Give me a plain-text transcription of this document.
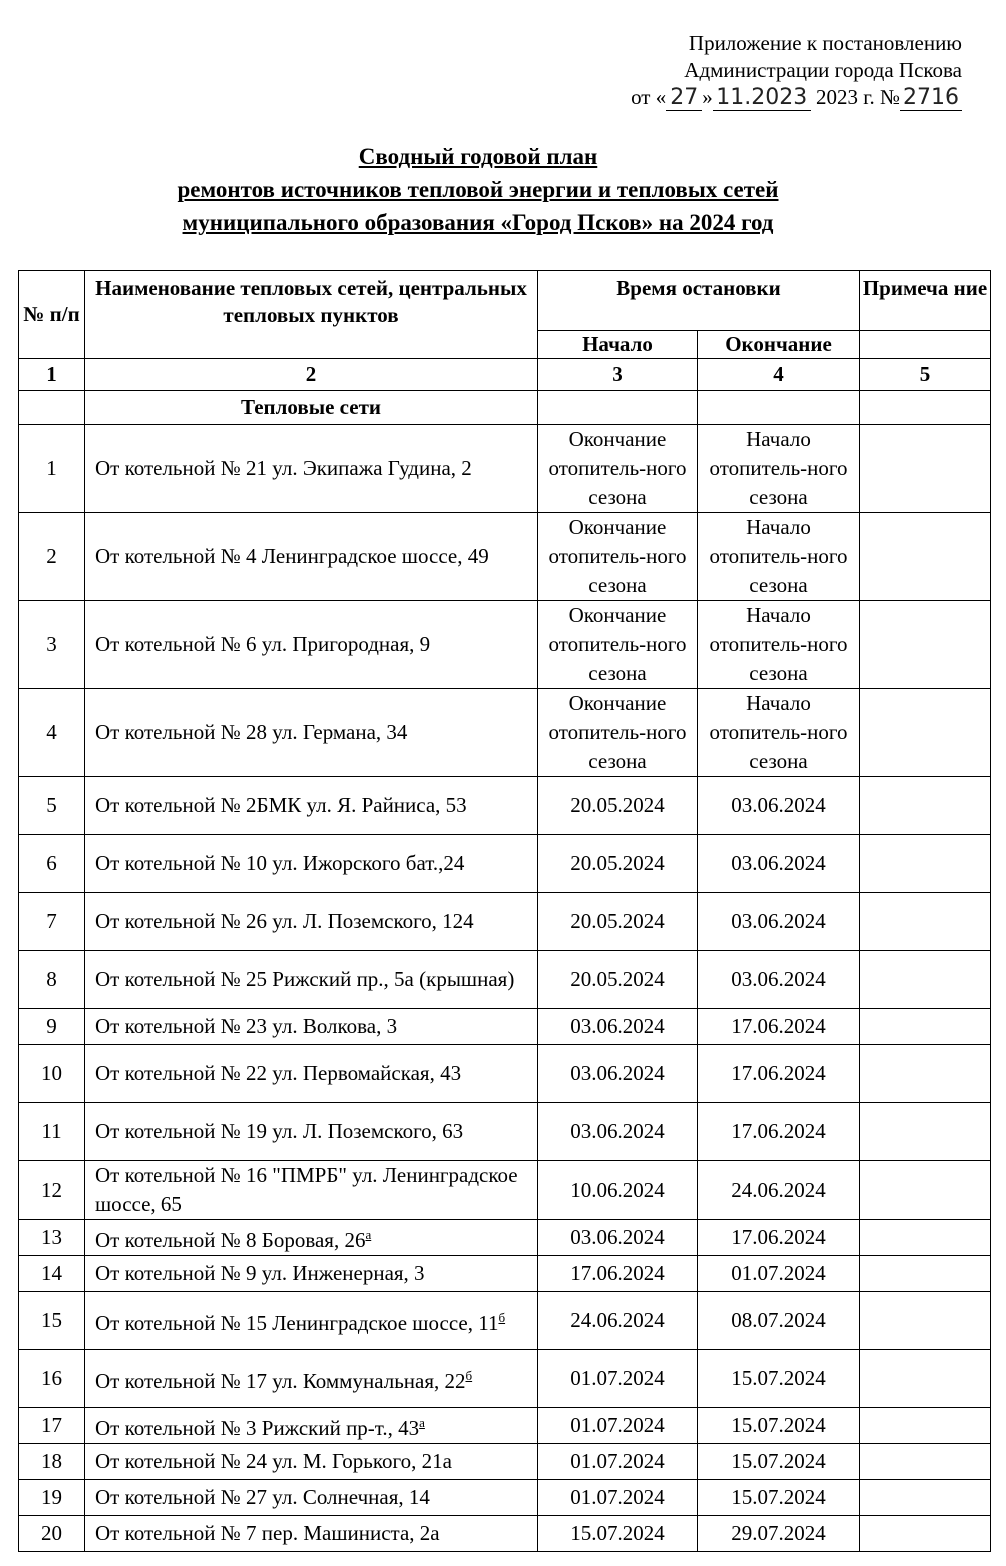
Приложение к постановлению
Администрации города Пскова
от « 27 » 11.2023 2023 г. № 2716
Сводный годовой план
ремонтов источников тепловой энергии и тепловых сетей
муниципального образования «Город Псков» на 2024 год
№ п/п	Наименование тепловых сетей, центральных тепловых пунктов	Время остановки		Примеча ние
		Начало	Окончание	
1	2	3	4	5
	Тепловые сети			
1	От котельной № 21 ул. Экипажа Гудина, 2	Окончание отопитель-ного сезона	Начало отопитель-ного сезона	
2	От котельной № 4 Ленинградское шоссе, 49	Окончание отопитель-ного сезона	Начало отопитель-ного сезона	
3	От котельной № 6 ул. Пригородная, 9	Окончание отопитель-ного сезона	Начало отопитель-ного сезона	
4	От котельной № 28 ул. Германа, 34	Окончание отопитель-ного сезона	Начало отопитель-ного сезона	
5	От котельной № 2БМК ул. Я. Райниса, 53	20.05.2024	03.06.2024	
6	От котельной № 10 ул. Ижорского бат.,24	20.05.2024	03.06.2024	
7	От котельной № 26 ул. Л. Поземского, 124	20.05.2024	03.06.2024	
8	От котельной № 25 Рижский пр., 5а (крышная)	20.05.2024	03.06.2024	
9	От котельной № 23 ул. Волкова, 3	03.06.2024	17.06.2024	
10	От котельной № 22 ул. Первомайская, 43	03.06.2024	17.06.2024	
11	От котельной № 19 ул. Л. Поземского, 63	03.06.2024	17.06.2024	
12	От котельной № 16 "ПМРБ" ул. Ленинградское шоссе, 65	10.06.2024	24.06.2024	
13	От котельной № 8 Боровая, $26^а$	03.06.2024	17.06.2024	
14	От котельной № 9 ул. Инженерная, 3	17.06.2024	01.07.2024	
15	От котельной № 15 Ленинградское шоссе, $11^б$	24.06.2024	08.07.2024	
16	От котельной № 17 ул. Коммунальная, $22^б$	01.07.2024	15.07.2024	
17	От котельной № 3 Рижский пр-т., $43^а$	01.07.2024	15.07.2024	
18	От котельной № 24 ул. М. Горького, 21а	01.07.2024	15.07.2024	
19	От котельной № 27 ул. Солнечная, 14	01.07.2024	15.07.2024	
20	От котельной № 7 пер. Машиниста, 2а	15.07.2024	29.07.2024	
